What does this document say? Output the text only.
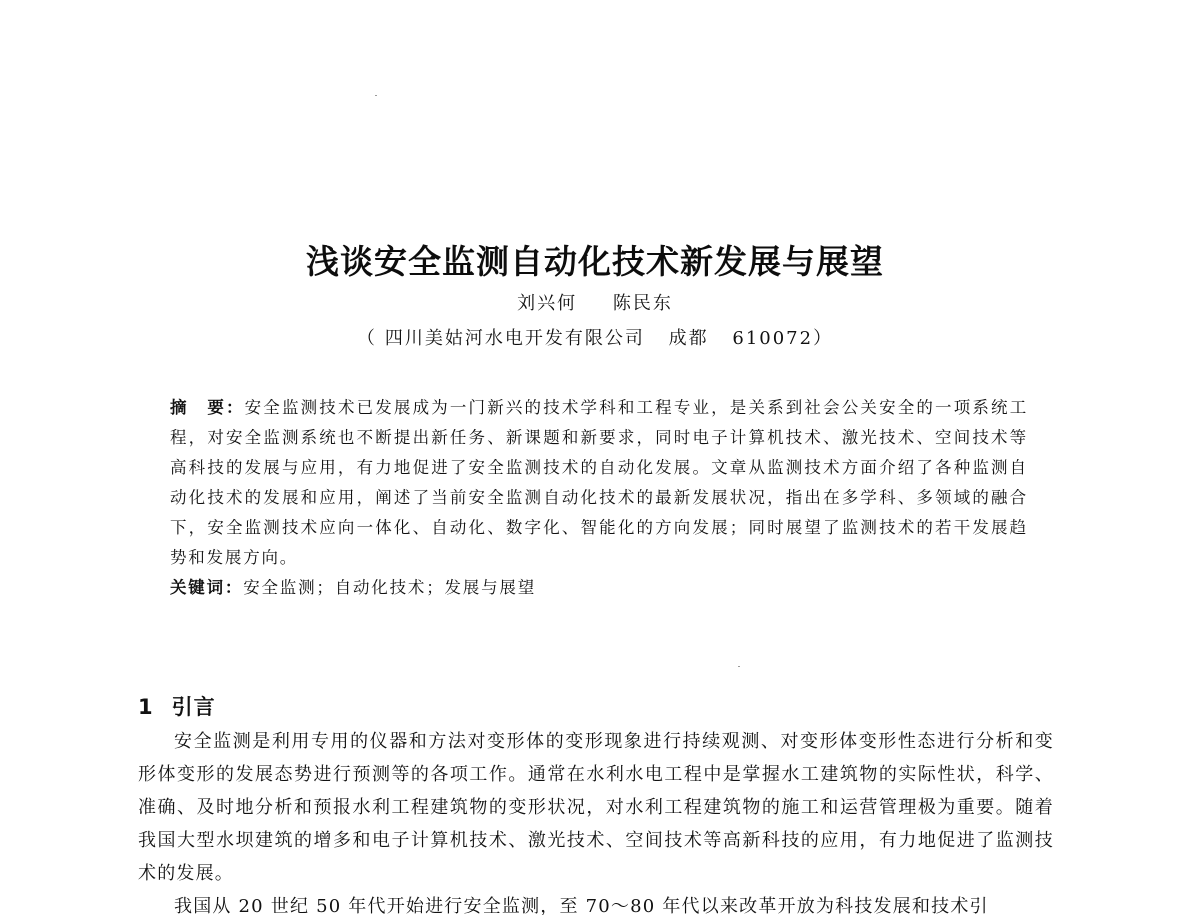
浅谈安全监测自动化技术新发展与展望
刘兴何 陈民东
（ 四川美姑河水电开发有限公司 成都 610072）
摘　要：安全监测技术已发展成为一门新兴的技术学科和工程专业，是关系到社会公关安全的一项系统工程，对安全监测系统也不断提出新任务、新课题和新要求，同时电子计算机技术、激光技术、空间技术等高科技的发展与应用，有力地促进了安全监测技术的自动化发展。文章从监测技术方面介绍了各种监测自动化技术的发展和应用，阐述了当前安全监测自动化技术的最新发展状况，指出在多学科、多领域的融合下，安全监测技术应向一体化、自动化、数字化、智能化的方向发展；同时展望了监测技术的若干发展趋势和发展方向。
关键词：安全监测；自动化技术；发展与展望
1 引言

安全监测是利用专用的仪器和方法对变形体的变形现象进行持续观测、对变形体变形性态进行分析和变形体变形的发展态势进行预测等的各项工作。通常在水利水电工程中是掌握水工建筑物的实际性状，科学、准确、及时地分析和预报水利工程建筑物的变形状况，对水利工程建筑物的施工和运营管理极为重要。随着我国大型水坝建筑的增多和电子计算机技术、激光技术、空间技术等高新科技的应用，有力地促进了监测技术的发展。

我国从 20 世纪 50 年代开始进行安全监测，至 70～80 年代以来改革开放为科技发展和技术引
